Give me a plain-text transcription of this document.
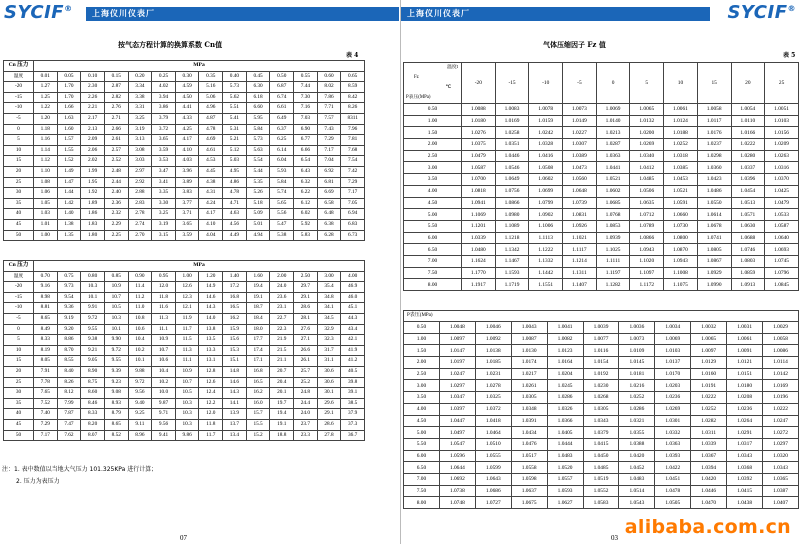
SYCIF®
上海仪川仪表厂
按气态方程计算的换算系数 Cn值
表 4
Cn 压力	MPa													
温度	0.01	0.05	0.10	0.15	0.20	0.25	0.30	0.35	0.40	0.45	0.50	0.55	0.60	0.65
-20	1.27	1.70	2.30	2.87	3.34	4.02	4.59	5.16	5.73	6.30	6.87	7.44	8.02	8.59
-15	1.25	1.70	2.26	2.82	3.38	3.94	4.50	5.06	5.62	6.18	6.74	7.30	7.86	8.42
-10	1.22	1.66	2.21	2.76	3.31	3.86	4.41	4.96	5.51	6.60	6.61	7.16	7.71	8.26
-5	1.20	1.63	2.17	2.71	3.25	3.79	4.33	4.87	5.41	5.95	6.49	7.03	7.57	8311
0	1.18	1.60	2.13	2.66	3.19	3.72	4.25	4.78	5.31	5.84	6.37	6.90	7.43	7.96
5	1.16	1.57	2.09	2.61	3.13	3.65	4.17	4.69	5.21	5.73	6.25	6.77	7.29	7.81
10	1.14	1.55	2.06	2.57	3.08	3.59	4.10	4.61	5.12	5.63	6.14	6.66	7.17	7.68
15	1.12	1.52	2.02	2.52	3.03	3.53	4.03	4.53	5.03	5.54	6.04	6.54	7.04	7.54
20	1.10	1.49	1.99	2.48	2.97	3.47	3.96	4.45	4.95	5.44	5.93	6.43	6.92	7.42
25	1.08	1.47	1.95	2.44	2.92	3.41	3.89	4.38	4.86	5.35	5.84	6.32	6.81	7.29
30	1.06	1.44	1.92	2.40	2.88	3.35	3.83	4.31	4.78	5.26	5.74	6.22	6.69	7.17
35	1.05	1.42	1.89	2.36	2.83	3.30	3.77	4.24	4.71	5.18	5.65	6.12	6.58	7.05
40	1.03	1.40	1.86	2.32	2.78	3.25	3.71	4.17	4.63	5.09	5.56	6.02	6.48	6.94
45	1.01	1.38	1.83	2.29	2.74	3.19	3.65	4.10	4.56	5.01	5.47	5.92	6.38	6.83
50	1.00	1.35	1.80	2.25	2.70	3.15	3.59	4.04	4.49	4.94	5.38	5.83	6.28	6.73
Cn 压力	MPa													
温度	0.70	0.75	0.80	0.85	0.90	0.95	1.00	1.20	1.40	1.60	2.00	2.50	3.00	4.00
-20	9.16	9.73	10.3	10.9	11.4	12.0	12.6	14.9	17.2	19.4	24.0	29.7	35.4	46.9
-15	8.98	9.54	10.1	10.7	11.2	11.8	12.3	14.6	16.8	19.1	23.6	29.1	34.8	46.0
-10	8.81	9.36	9.91	10.5	11.0	11.6	12.1	14.3	16.5	18.7	23.1	28.6	34.1	45.1
-5	8.65	9.19	9.72	10.3	10.8	11.3	11.9	14.0	16.2	18.4	22.7	28.1	34.5	44.3
0	8.49	9.20	9.55	10.1	10.6	11.1	11.7	13.8	15.9	18.0	22.3	27.6	32.9	43.4
5	8.33	8.86	9.38	9.90	10.4	10.9	11.5	13.5	15.6	17.7	21.9	27.1	32.3	42.1
10	8.19	8.70	9.21	9.72	10.2	10.7	11.3	13.3	15.3	17.4	21.5	26.6	31.7	41.9
15	8.05	8.55	9.05	9.55	10.1	10.6	11.1	13.1	15.1	17.1	21.1	26.1	31.1	41.2
20	7.91	8.40	8.90	9.39	9.88	10.4	10.9	12.8	14.8	16.8	20.7	25.7	30.6	40.5
25	7.78	8.26	8.75	9.23	9.72	10.2	10.7	12.6	14.6	16.5	20.4	25.2	30.6	39.8
30	7.65	8.12	8.60	9.08	9.56	10.0	10.5	12.4	14.3	16.2	20.1	24.8	30.1	39.1
35	7.52	7.99	8.46	8.93	9.40	9.87	10.3	12.2	14.1	16.0	19.7	24.4	29.6	38.5
40	7.40	7.87	8.33	8.79	9.25	9.71	10.3	12.0	13.9	15.7	19.4	24.0	29.1	37.9
45	7.29	7.47	8.20	8.65	9.11	9.56	10.3	11.8	13.7	15.5	19.1	23.7	28.6	37.3
50	7.17	7.62	8.07	8.52	8.96	9.41	9.86	11.7	13.4	15.2	18.8	23.3	27.8	36.7
注：1. 表中数值以当地大气压力 101.325KPa 进行计算；
2. 压力为表压力
07
上海仪川仪表厂	SYCIF®
气体压缩因子 Fz 值
表 5
温度t
Fz
℃
P表压(MPa)	-20	-15	-10	-5	0	5	10	15	20	25
0.50	1.0088	1.0083	1.0078	1.0073	1.0069	1.0065	1.0061	1.0058	1.0054	1.0051
1.00	1.0180	1.0169	1.0159	1.0149	1.0140	1.0132	1.0124	1.0117	1.0110	1.0103
1.50	1.0276	1.0258	1.0242	1.0227	1.0213	1.0200	1.0188	1.0176	1.0166	1.0156
2.00	1.0375	1.0351	1.0328	1.0307	1.0287	1.0269	1.0252	1.0237	1.0222	1.0209
2.50	1.0479	1.0446	1.0416	1.0389	1.0363	1.0340	1.0318	1.0298	1.0280	1.0263
3.00	1.0587	1.0546	1.0508	1.0473	1.0441	1.0412	1.0385	1.0360	1.0337	1.0316
3.50	1.0700	1.0649	1.0602	1.0560	1.0521	1.0485	1.0453	1.0423	1.0396	1.0370
4.00	1.0818	1.0756	1.0699	1.0648	1.0602	1.0506	1.0521	1.0486	1.0454	1.0425
4.50	1.0941	1.0866	1.0799	1.0739	1.0685	1.0635	1.0591	1.0550	1.0513	1.0479
5.00	1.1069	1.0980	1.0902	1.0831	1.0768	1.0712	1.0660	1.0614	1.0571	1.0533
5.50	1.1201	1.1089	1.1006	1.0926	1.0853	1.0789	1.0730	1.0678	1.0630	1.0587
6.00	1.0339	1.1218	1.1113	1.1021	1.0939	1.0866	1.0800	1.0741	1.0688	1.0640
6.50	1.0480	1.1342	1.1222	1.1117	1.1025	1.0943	1.0870	1.0805	1.0746	1.0693
7.00	1.1624	1.1467	1.1332	1.1214	1.1111	1.1020	1.0943	1.0867	1.0803	1.0745
7.50	1.1770	1.1593	1.1442	1.1311	1.1197	1.1097	1.1008	1.0929	1.0859	1.0796
8.00	1.1917	1.1719	1.1551	1.1407	1.1282	1.1172	1.1075	1.0990	1.0913	1.0845
P表压(MPa)										
0.50	1.0048	1.0046	1.0043	1.0041	1.0039	1.0036	1.0034	1.0032	1.0031	1.0029
1.00	1.0097	1.0092	1.0087	1.0082	1.0077	1.0073	1.0069	1.0065	1.0061	1.0058
1.50	1.0147	1.0138	1.0130	1.0123	1.0116	1.0109	1.0103	1.0097	1.0091	1.0086
2.00	1.0197	1.0185	1.0174	1.0164	1.0154	1.0145	1.0137	1.0129	1.0121	1.0114
2.50	1.0247	1.0231	1.0217	1.0204	1.0192	1.0181	1.0170	1.0160	1.0151	1.0142
3.00	1.0297	1.0278	1.0261	1.0245	1.0230	1.0216	1.0203	1.0191	1.0180	1.0169
3.50	1.0347	1.0325	1.0305	1.0286	1.0268	1.0252	1.0236	1.0222	1.0208	1.0196
4.00	1.0397	1.0372	1.0348	1.0326	1.0305	1.0286	1.0269	1.0252	1.0236	1.0222
4.50	1.0447	1.0418	1.0391	1.0366	1.0343	1.0321	1.0301	1.0282	1.0264	1.0247
5.00	1.0497	1.0464	1.0434	1.0405	1.0379	1.0355	1.0332	1.0311	1.0291	1.0272
5.50	1.0547	1.0510	1.0476	1.0444	1.0415	1.0388	1.0363	1.0339	1.0317	1.0297
6.00	1.0596	1.0555	1.0517	1.0483	1.0450	1.0420	1.0393	1.0367	1.0343	1.0320
6.50	1.0644	1.0599	1.0558	1.0520	1.0485	1.0452	1.0422	1.0394	1.0368	1.0343
7.00	1.0692	1.0643	1.0598	1.0557	1.0519	1.0483	1.0451	1.0420	1.0392	1.0365
7.50	1.0738	1.0686	1.0637	1.0593	1.0552	1.0514	1.0478	1.0446	1.0415	1.0387
8.00	1.0748	1.0727	1.0675	1.0627	1.0583	1.0543	1.0505	1.0470	1.0438	1.0407
03 alibaba.com.cn
